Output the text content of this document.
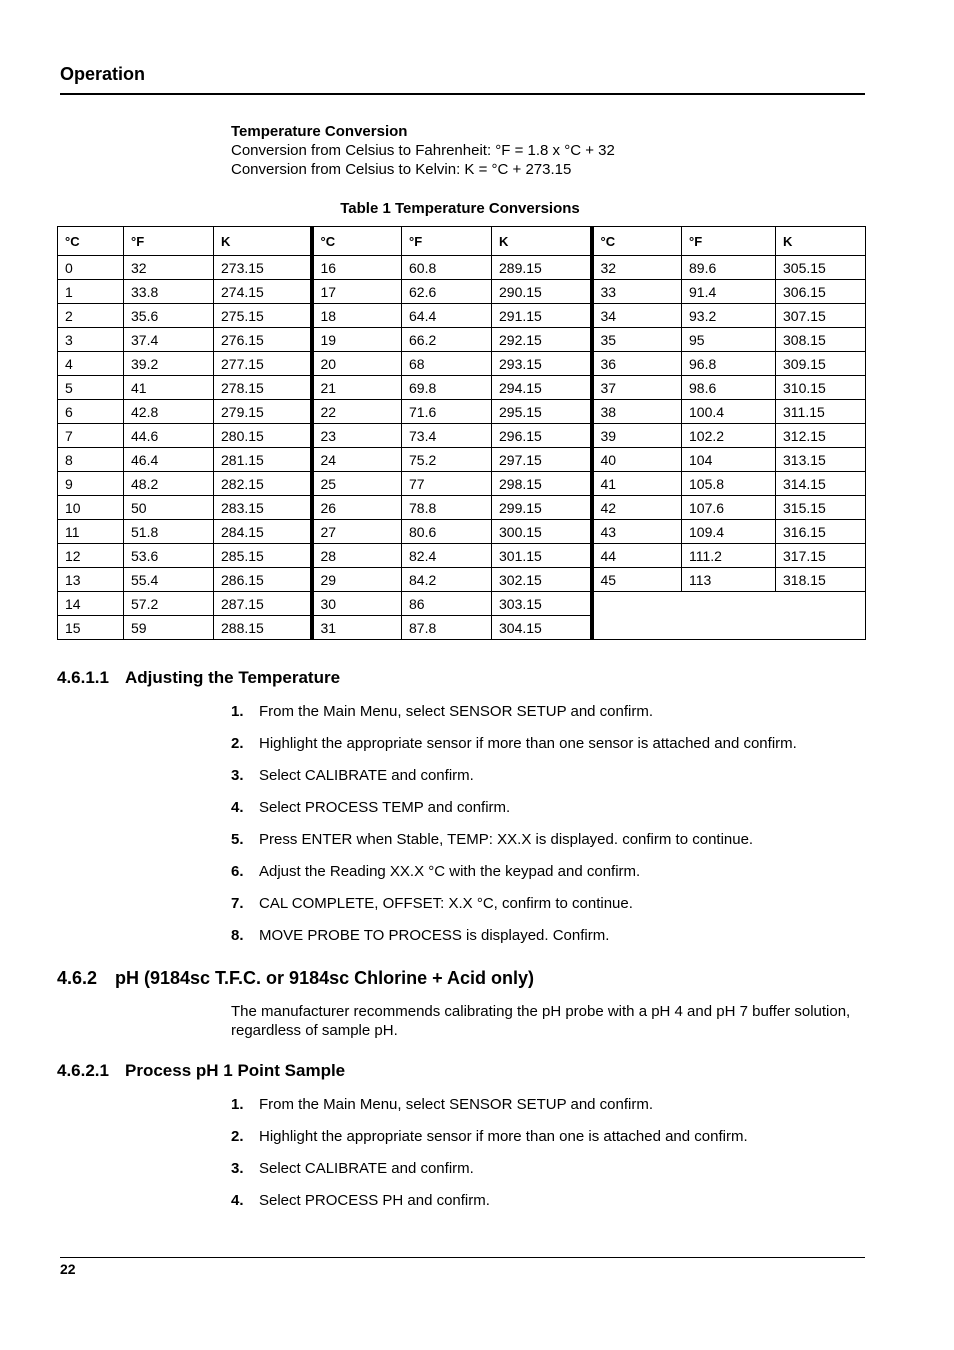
Operation
Temperature Conversion
Conversion from Celsius to Fahrenheit: °F = 1.8 x °C + 32
Conversion from Celsius to Kelvin: K = °C + 273.15
Table 1 Temperature Conversions
°C	°F	K	°C	°F	K	°C	°F	K
0	32	273.15	16	60.8	289.15	32	89.6	305.15
1	33.8	274.15	17	62.6	290.15	33	91.4	306.15
2	35.6	275.15	18	64.4	291.15	34	93.2	307.15
3	37.4	276.15	19	66.2	292.15	35	95	308.15
4	39.2	277.15	20	68	293.15	36	96.8	309.15
5	41	278.15	21	69.8	294.15	37	98.6	310.15
6	42.8	279.15	22	71.6	295.15	38	100.4	311.15
7	44.6	280.15	23	73.4	296.15	39	102.2	312.15
8	46.4	281.15	24	75.2	297.15	40	104	313.15
9	48.2	282.15	25	77	298.15	41	105.8	314.15
10	50	283.15	26	78.8	299.15	42	107.6	315.15
11	51.8	284.15	27	80.6	300.15	43	109.4	316.15
12	53.6	285.15	28	82.4	301.15	44	111.2	317.15
13	55.4	286.15	29	84.2	302.15	45	113	318.15
14	57.2	287.15	30	86	303.15			
15	59	288.15	31	87.8	304.15			
4.6.1.1 Adjusting the Temperature
1. From the Main Menu, select SENSOR SETUP and confirm.
2. Highlight the appropriate sensor if more than one sensor is attached and confirm.
3. Select CALIBRATE and confirm.
4. Select PROCESS TEMP and confirm.
5. Press ENTER when Stable, TEMP: XX.X is displayed. confirm to continue.
6. Adjust the Reading XX.X °C with the keypad and confirm.
7. CAL COMPLETE, OFFSET: X.X °C, confirm to continue.
8. MOVE PROBE TO PROCESS is displayed. Confirm.
4.6.2 pH (9184sc T.F.C. or 9184sc Chlorine + Acid only)
The manufacturer recommends calibrating the pH probe with a pH 4 and pH 7 buffer solution, regardless of sample pH.
4.6.2.1 Process pH 1 Point Sample
1. From the Main Menu, select SENSOR SETUP and confirm.
2. Highlight the appropriate sensor if more than one is attached and confirm.
3. Select CALIBRATE and confirm.
4. Select PROCESS PH and confirm.
22
